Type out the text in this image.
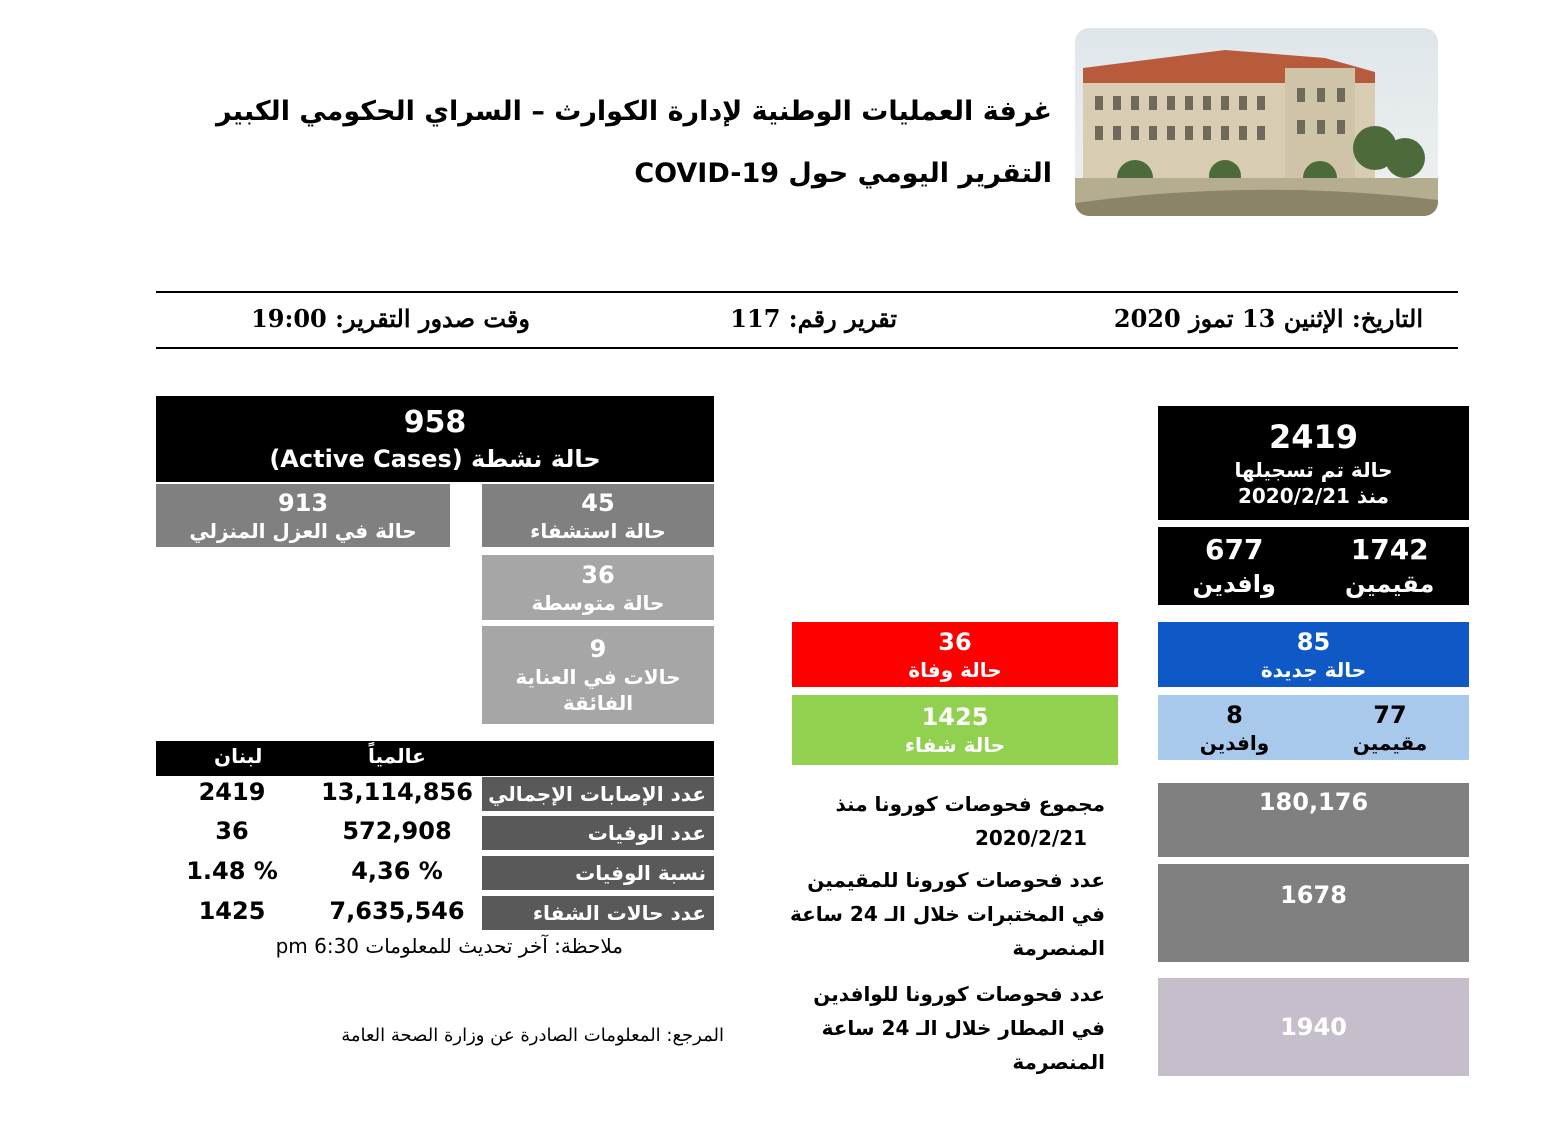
غرفة العمليات الوطنية لإدارة الكوارث – السراي الحكومي الكبير
التقرير اليومي حول COVID-19
التاريخ: الإثنين 13 تموز 2020
تقرير رقم: 117
وقت صدور التقرير: 19:00
958
حالة نشطة (Active Cases)
913
حالة في العزل المنزلي
45
حالة استشفاء
36
حالة متوسطة
9
حالات في العناية
الفائقة
عالمياً
لبنان
عدد الإصابات الإجمالي
13,114,856
2419
عدد الوفيات
572,908
36
نسبة الوفيات
4,36 %
1.48 %
عدد حالات الشفاء
7,635,546
1425
ملاحظة: آخر تحديث للمعلومات 6:30 pm
المرجع: المعلومات الصادرة عن وزارة الصحة العامة
2419
حالة تم تسجيلها
منذ 2020/2/21
677
وافدين
1742
مقيمين
85
حالة جديدة
8
وافدين
77
مقيمين
36
حالة وفاة
1425
حالة شفاء
مجموع فحوصات كورونا منذ
2020/2/21
180,176
عدد فحوصات كورونا للمقيمين
في المختبرات خلال الـ 24 ساعة
المنصرمة
1678
عدد فحوصات كورونا للوافدين
في المطار خلال الـ 24 ساعة
المنصرمة
1940
